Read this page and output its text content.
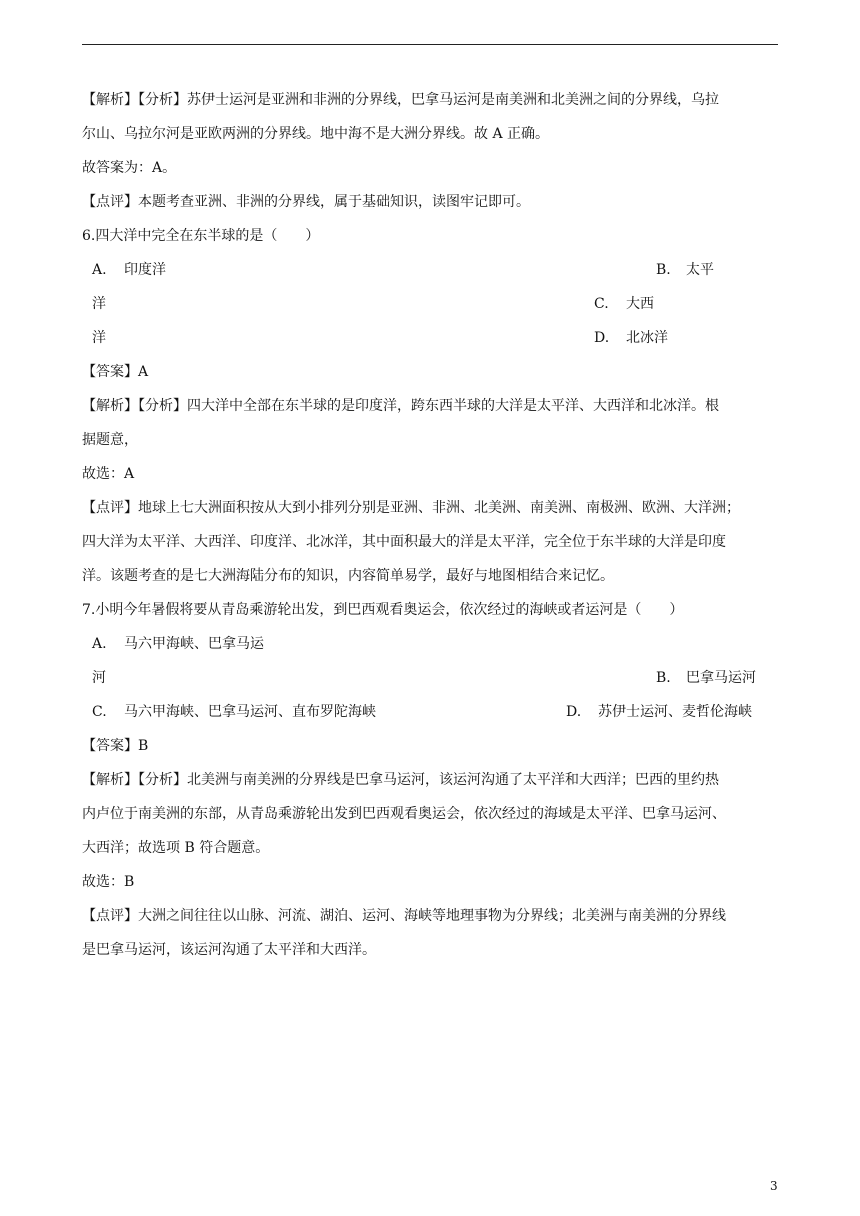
【解析】【分析】苏伊士运河是亚洲和非洲的分界线，巴拿马运河是南美洲和北美洲之间的分界线，乌拉
尔山、乌拉尔河是亚欧两洲的分界线。地中海不是大洲分界线。故 A 正确。
故答案为：A。
【点评】本题考查亚洲、非洲的分界线，属于基础知识，读图牢记即可。
6.四大洋中完全在东半球的是（　　）
A. 印度洋	B. 太平
洋	C. 大西
洋	D. 北冰洋
【答案】A
【解析】【分析】四大洋中全部在东半球的是印度洋，跨东西半球的大洋是太平洋、大西洋和北冰洋。根
据题意，
故选：A
【点评】地球上七大洲面积按从大到小排列分别是亚洲、非洲、北美洲、南美洲、南极洲、欧洲、大洋洲；
四大洋为太平洋、大西洋、印度洋、北冰洋，其中面积最大的洋是太平洋，完全位于东半球的大洋是印度
洋。该题考查的是七大洲海陆分布的知识，内容简单易学，最好与地图相结合来记忆。
7.小明今年暑假将要从青岛乘游轮出发，到巴西观看奥运会，依次经过的海峡或者运河是（　　）
A. 马六甲海峡、巴拿马运
河	B. 巴拿马运河
C. 马六甲海峡、巴拿马运河、直布罗陀海峡	D. 苏伊士运河、麦哲伦海峡
【答案】B
【解析】【分析】北美洲与南美洲的分界线是巴拿马运河，该运河沟通了太平洋和大西洋；巴西的里约热
内卢位于南美洲的东部，从青岛乘游轮出发到巴西观看奥运会，依次经过的海域是太平洋、巴拿马运河、
大西洋；故选项 B 符合题意。
故选：B
【点评】大洲之间往往以山脉、河流、湖泊、运河、海峡等地理事物为分界线；北美洲与南美洲的分界线
是巴拿马运河，该运河沟通了太平洋和大西洋。
3
